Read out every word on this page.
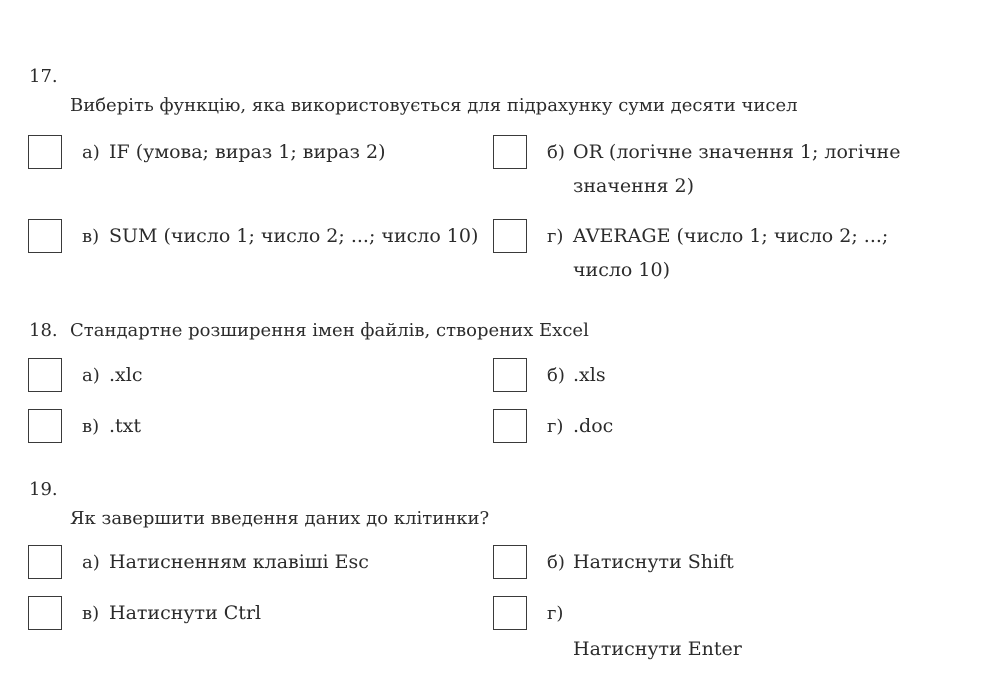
17.
Виберіть функцію, яка використовується для підрахунку суми десяти чисел
а) IF (умова; вираз 1; вираз 2)	б) OR (логічне значення 1; логічне значення 2)
в) SUM (число 1; число 2; ...; число 10)	г) AVERAGE (число 1; число 2; ...; число 10)
18. Стандартне розширення імен файлів, створених Excel
а) .xlc	б) .xls
в) .txt	г) .doc
19.
Як завершити введення даних до клітинки?
а) Натисненням клавіші Esc	б) Натиснути Shift
в) Натиснути Ctrl	г)
Натиснути Enter
